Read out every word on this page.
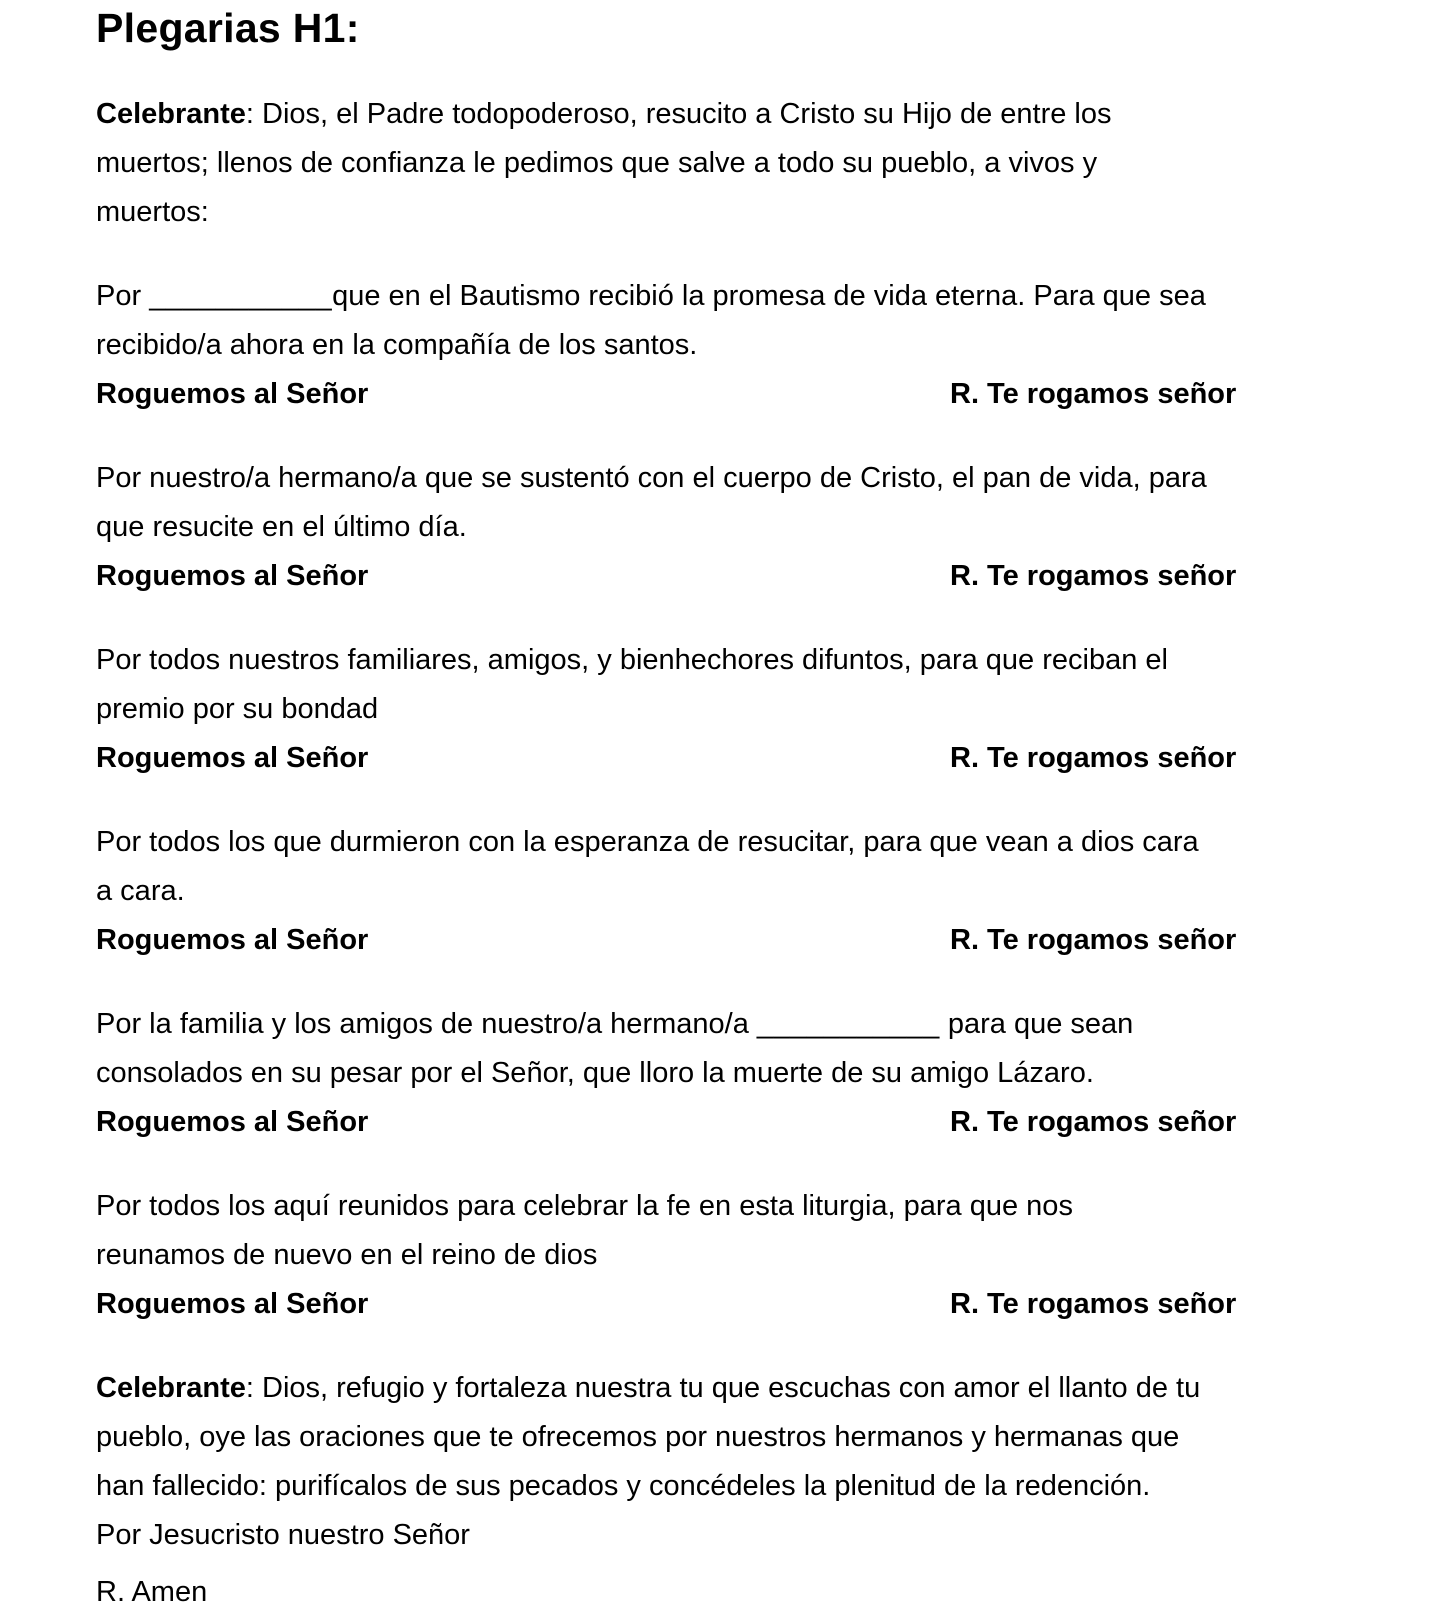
Plegarias H1:

Celebrante: Dios, el Padre todopoderoso, resucito a Cristo su Hijo de entre los
muertos; llenos de confianza le pedimos que salve a todo su pueblo, a vivos y
muertos:

Por ___________que en el Bautismo recibió la promesa de vida eterna. Para que sea
recibido/a ahora en la compañía de los santos.
Roguemos al Señor	R. Te rogamos señor

Por nuestro/a hermano/a que se sustentó con el cuerpo de Cristo, el pan de vida, para
que resucite en el último día.
Roguemos al Señor	R. Te rogamos señor

Por todos nuestros familiares, amigos, y bienhechores difuntos, para que reciban el
premio por su bondad
Roguemos al Señor	R. Te rogamos señor

Por todos los que durmieron con la esperanza de resucitar, para que vean a dios cara
a cara.
Roguemos al Señor	R. Te rogamos señor

Por la familia y los amigos de nuestro/a hermano/a ___________ para que sean
consolados en su pesar por el Señor, que lloro la muerte de su amigo Lázaro.
Roguemos al Señor	R. Te rogamos señor

Por todos los aquí reunidos para celebrar la fe en esta liturgia, para que nos
reunamos de nuevo en el reino de dios
Roguemos al Señor	R. Te rogamos señor

Celebrante: Dios, refugio y fortaleza nuestra tu que escuchas con amor el llanto de tu
pueblo, oye las oraciones que te ofrecemos por nuestros hermanos y hermanas que
han fallecido: purifícalos de sus pecados y concédeles la plenitud de la redención.
Por Jesucristo nuestro Señor

R. Amen
